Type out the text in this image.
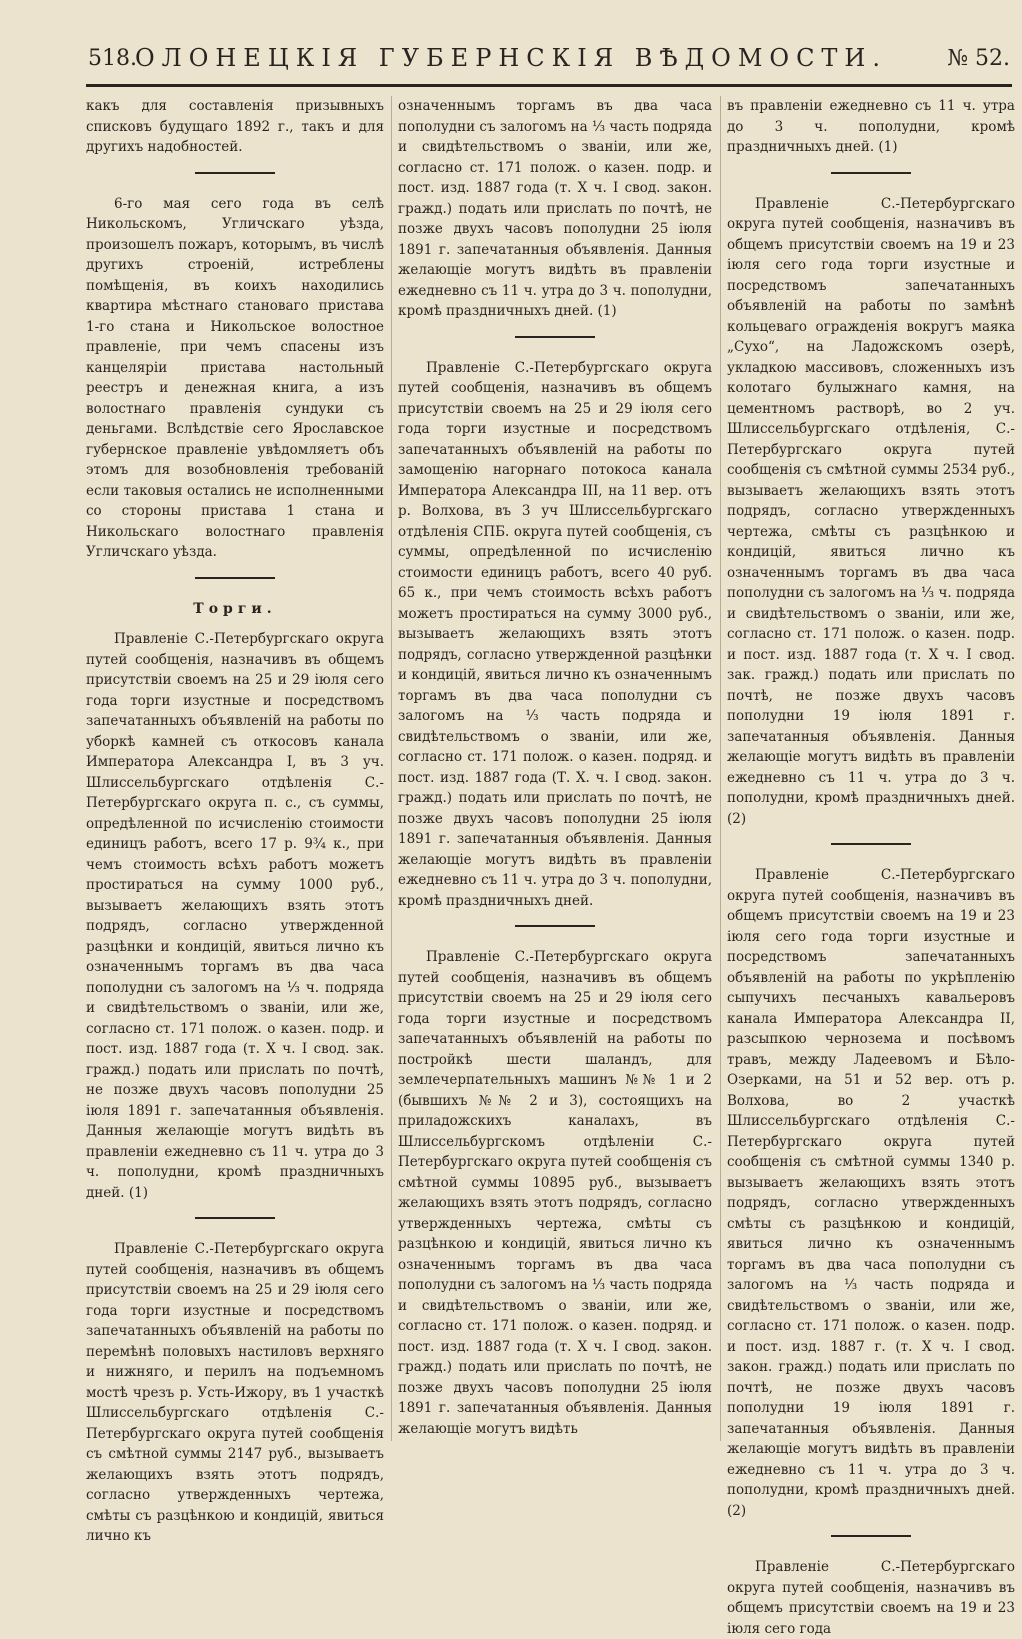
518.
ОЛОНЕЦКІЯ ГУБЕРНСКІЯ ВѢДОМОСТИ.	№ 52.

какъ для составленія призывныхъ списковъ будущаго 1892 г., такъ и для другихъ надобностей.

6-го мая сего года въ селѣ Никольскомъ, Угличскаго уѣзда, произошелъ пожаръ, которымъ, въ числѣ другихъ строеній, истреблены помѣщенія, въ коихъ находились квартира мѣстнаго становаго пристава 1-го стана и Никольское волостное правленіе, при чемъ спасены изъ канцеляріи пристава настольный реестръ и денежная книга, а изъ волостнаго правленія сундуки съ деньгами. Вслѣдствіе сего Ярославское губернское правленіе увѣдомляетъ объ этомъ для возобновленія требованій если таковыя остались не исполненными со стороны пристава 1 стана и Никольскаго волостнаго правленія Угличскаго уѣзда.

Торги.

Правленіе С.-Петербургскаго округа путей сообщенія, назначивъ въ общемъ присутствіи своемъ на 25 и 29 іюля сего года торги изустные и посредствомъ запечатанныхъ объявленій на работы по уборкѣ камней съ откосовъ канала Императора Александра I, въ 3 уч. Шлиссельбургскаго отдѣленія С.-Петербургскаго округа п. с., съ суммы, опредѣленной по исчисленію стоимости единицъ работъ, всего 17 р. 9¾ к., при чемъ стоимость всѣхъ работъ можетъ простираться на сумму 1000 руб., вызываетъ желающихъ взять этотъ подрядъ, согласно утвержденной разцѣнки и кондицій, явиться лично къ означеннымъ торгамъ въ два часа пополудни съ залогомъ на ⅓ ч. подряда и свидѣтельствомъ о званіи, или же, согласно ст. 171 полож. о казен. подр. и пост. изд. 1887 года (т. X ч. I свод. зак. гражд.) подать или прислать по почтѣ, не позже двухъ часовъ пополудни 25 іюля 1891 г. запечатанныя объявленія. Данныя желающіе могутъ видѣть въ правленіи ежедневно съ 11 ч. утра до 3 ч. пополудни, кромѣ праздничныхъ дней. (1)

Правленіе С.-Петербургскаго округа путей сообщенія, назначивъ въ общемъ присутствіи своемъ на 25 и 29 іюля сего года торги изустные и посредствомъ запечатанныхъ объявленій на работы по перемѣнѣ половыхъ настиловъ верхняго и нижняго, и перилъ на подъемномъ мостѣ чрезъ р. Усть-Ижору, въ 1 участкѣ Шлиссельбургскаго отдѣленія С.-Петербургскаго округа путей сообщенія съ смѣтной суммы 2147 руб., вызываетъ желающихъ взять этотъ подрядъ, согласно утвержденныхъ чертежа, смѣты съ разцѣнкою и кондицій, явиться лично къ

означеннымъ торгамъ въ два часа пополудни съ залогомъ на ⅓ часть подряда и свидѣтельствомъ о званіи, или же, согласно ст. 171 полож. о казен. подр. и пост. изд. 1887 года (т. X ч. I свод. закон. гражд.) подать или прислать по почтѣ, не позже двухъ часовъ пополудни 25 іюля 1891 г. запечатанныя объявленія. Данныя желающіе могутъ видѣть въ правленіи ежедневно съ 11 ч. утра до 3 ч. пополудни, кромѣ праздничныхъ дней. (1)

Правленіе С.-Петербургскаго округа путей сообщенія, назначивъ въ общемъ присутствіи своемъ на 25 и 29 іюля сего года торги изустные и посредствомъ запечатанныхъ объявленій на работы по замощенію нагорнаго потокоса канала Императора Александра III, на 11 вер. отъ р. Волхова, въ 3 уч Шлиссельбургскаго отдѣленія СПБ. округа путей сообщенія, съ суммы, опредѣленной по исчисленію стоимости единицъ работъ, всего 40 руб. 65 к., при чемъ стоимость всѣхъ работъ можетъ простираться на сумму 3000 руб., вызываетъ желающихъ взять этотъ подрядъ, согласно утвержденной разцѣнки и кондицій, явиться лично къ означеннымъ торгамъ въ два часа пополудни съ залогомъ на ⅓ часть подряда и свидѣтельствомъ о званіи, или же, согласно ст. 171 полож. о казен. подряд. и пост. изд. 1887 года (Т. X. ч. I свод. закон. гражд.) подать или прислать по почтѣ, не позже двухъ часовъ пополудни 25 іюля 1891 г. запечатанныя объявленія. Данныя желающіе могутъ видѣть въ правленіи ежедневно съ 11 ч. утра до 3 ч. пополудни, кромѣ праздничныхъ дней.

Правленіе С.-Петербургскаго округа путей сообщенія, назначивъ въ общемъ присутствіи своемъ на 25 и 29 іюля сего года торги изустные и посредствомъ запечатанныхъ объявленій на работы по постройкѣ шести шаландъ, для землечерпательныхъ машинъ №№ 1 и 2 (бывшихъ №№ 2 и 3), состоящихъ на приладожскихъ каналахъ, въ Шлиссельбургскомъ отдѣленіи С.-Петербургскаго округа путей сообщенія съ смѣтной суммы 10895 руб., вызываетъ желающихъ взять этотъ подрядъ, согласно утвержденныхъ чертежа, смѣты съ разцѣнкою и кондицій, явиться лично къ означеннымъ торгамъ въ два часа пополудни съ залогомъ на ⅓ часть подряда и свидѣтельствомъ о званіи, или же, согласно ст. 171 полож. о казен. подряд. и пост. изд. 1887 года (т. X ч. I свод. закон. гражд.) подать или прислать по почтѣ, не позже двухъ часовъ пополудни 25 іюля 1891 г. запечатанныя объявленія. Данныя желающіе могутъ видѣть

въ правленіи ежедневно съ 11 ч. утра до 3 ч. пополудни, кромѣ праздничныхъ дней. (1)

Правленіе С.-Петербургскаго округа путей сообщенія, назначивъ въ общемъ присутствіи своемъ на 19 и 23 іюля сего года торги изустные и посредствомъ запечатанныхъ объявленій на работы по замѣнѣ кольцеваго огражденія вокругъ маяка „Сухо“, на Ладожскомъ озерѣ, укладкою массивовъ, сложенныхъ изъ колотаго булыжнаго камня, на цементномъ растворѣ, во 2 уч. Шлиссельбургскаго отдѣленія, С.-Петербургскаго округа путей сообщенія съ смѣтной суммы 2534 руб., вызываетъ желающихъ взять этотъ подрядъ, согласно утвержденныхъ чертежа, смѣты съ разцѣнкою и кондицій, явиться лично къ означеннымъ торгамъ въ два часа пополудни съ залогомъ на ⅓ ч. подряда и свидѣтельствомъ о званіи, или же, согласно ст. 171 полож. о казен. подр. и пост. изд. 1887 года (т. X ч. I свод. зак. гражд.) подать или прислать по почтѣ, не позже двухъ часовъ пополудни 19 іюля 1891 г. запечатанныя объявленія. Данныя желающіе могутъ видѣть въ правленіи ежедневно съ 11 ч. утра до 3 ч. пополудни, кромѣ праздничныхъ дней. (2)

Правленіе С.-Петербургскаго округа путей сообщенія, назначивъ въ общемъ присутствіи своемъ на 19 и 23 іюля сего года торги изустные и посредствомъ запечатанныхъ объявленій на работы по укрѣпленію сыпучихъ песчаныхъ кавальеровъ канала Императора Александра II, разсыпкою чернозема и посѣвомъ травъ, между Ладеевомъ и Бѣло-Озерками, на 51 и 52 вер. отъ р. Волхова, во 2 участкѣ Шлиссельбургскаго отдѣленія С.-Петербургскаго округа путей сообщенія съ смѣтной суммы 1340 р. вызываетъ желающихъ взять этотъ подрядъ, согласно утвержденныхъ смѣты съ разцѣнкою и кондицій, явиться лично къ означеннымъ торгамъ въ два часа пополудни съ залогомъ на ⅓ часть подряда и свидѣтельствомъ о званіи, или же, согласно ст. 171 полож. о казен. подр. и пост. изд. 1887 г. (т. X ч. I свод. закон. гражд.) подать или прислать по почтѣ, не позже двухъ часовъ пополудни 19 іюля 1891 г. запечатанныя объявленія. Данныя желающіе могутъ видѣть въ правленіи ежедневно съ 11 ч. утра до 3 ч. пополудни, кромѣ праздничныхъ дней. (2)

Правленіе С.-Петербургскаго округа путей сообщенія, назначивъ въ общемъ присутствіи своемъ на 19 и 23 іюля сего года
